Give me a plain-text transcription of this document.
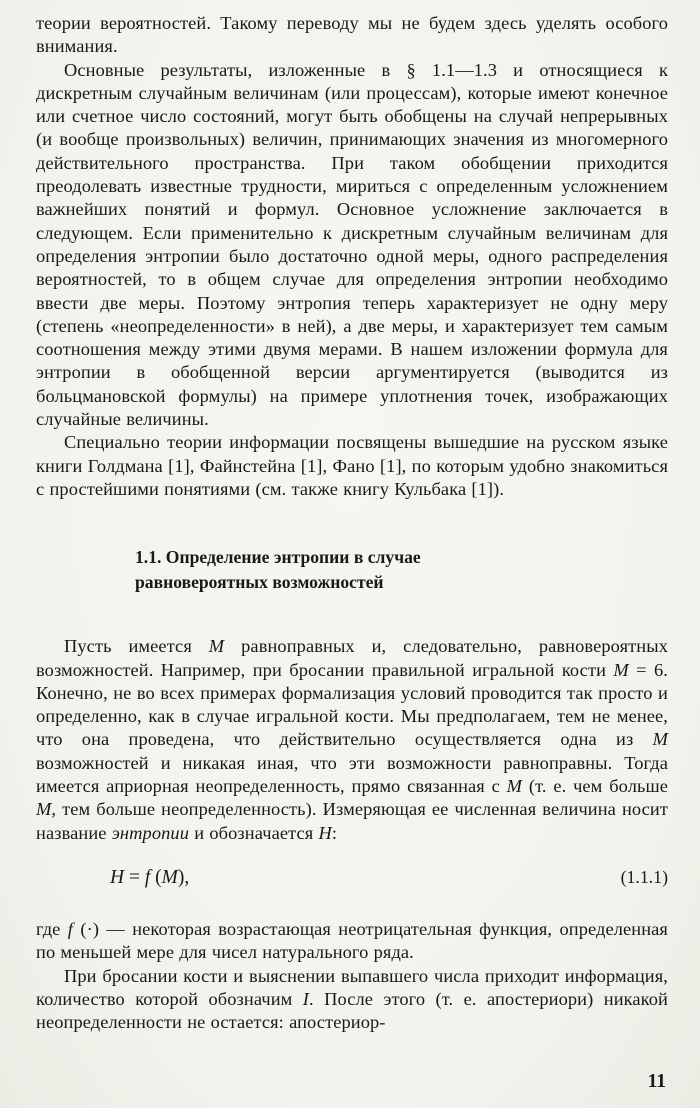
теории вероятностей. Такому переводу мы не будем здесь уделять особого внимания.

Основные результаты, изложенные в § 1.1—1.3 и относящиеся к дискретным случайным величинам (или процессам), которые имеют конечное или счетное число состояний, могут быть обобщены на случай непрерывных (и вообще произвольных) величин, принимающих значения из многомерного действительного пространства. При таком обобщении приходится преодолевать известные трудности, мириться с определенным усложнением важнейших понятий и формул. Основное усложнение заключается в следующем. Если применительно к дискретным случайным величинам для определения энтропии было достаточно одной меры, одного распределения вероятностей, то в общем случае для определения энтропии необходимо ввести две меры. Поэтому энтропия теперь характеризует не одну меру (степень «неопределенности» в ней), а две меры, и характеризует тем самым соотношения между этими двумя мерами. В нашем изложении формула для энтропии в обобщенной версии аргументируется (выводится из больцмановской формулы) на примере уплотнения точек, изображающих случайные величины.

Специально теории информации посвящены вышедшие на русском языке книги Голдмана [1], Файнстейна [1], Фано [1], по которым удобно знакомиться с простейшими понятиями (см. также книгу Кульбака [1]).

1.1. Определение энтропии в случае
равновероятных возможностей

Пусть имеется M равноправных и, следовательно, равновероятных возможностей. Например, при бросании правильной игральной кости M = 6. Конечно, не во всех примерах формализация условий проводится так просто и определенно, как в случае игральной кости. Мы предполагаем, тем не менее, что она проведена, что действительно осуществляется одна из M возможностей и никакая иная, что эти возможности равноправны. Тогда имеется априорная неопределенность, прямо связанная с M (т. е. чем больше M, тем больше неопределенность). Измеряющая ее численная величина носит название энтропии и обозначается H:

H = f (M),	(1.1.1)

где f (·) — некоторая возрастающая неотрицательная функция, определенная по меньшей мере для чисел натурального ряда.

При бросании кости и выяснении выпавшего числа приходит информация, количество которой обозначим I. После этого (т. е. апостериори) никакой неопределенности не остается: апостериор-

11
